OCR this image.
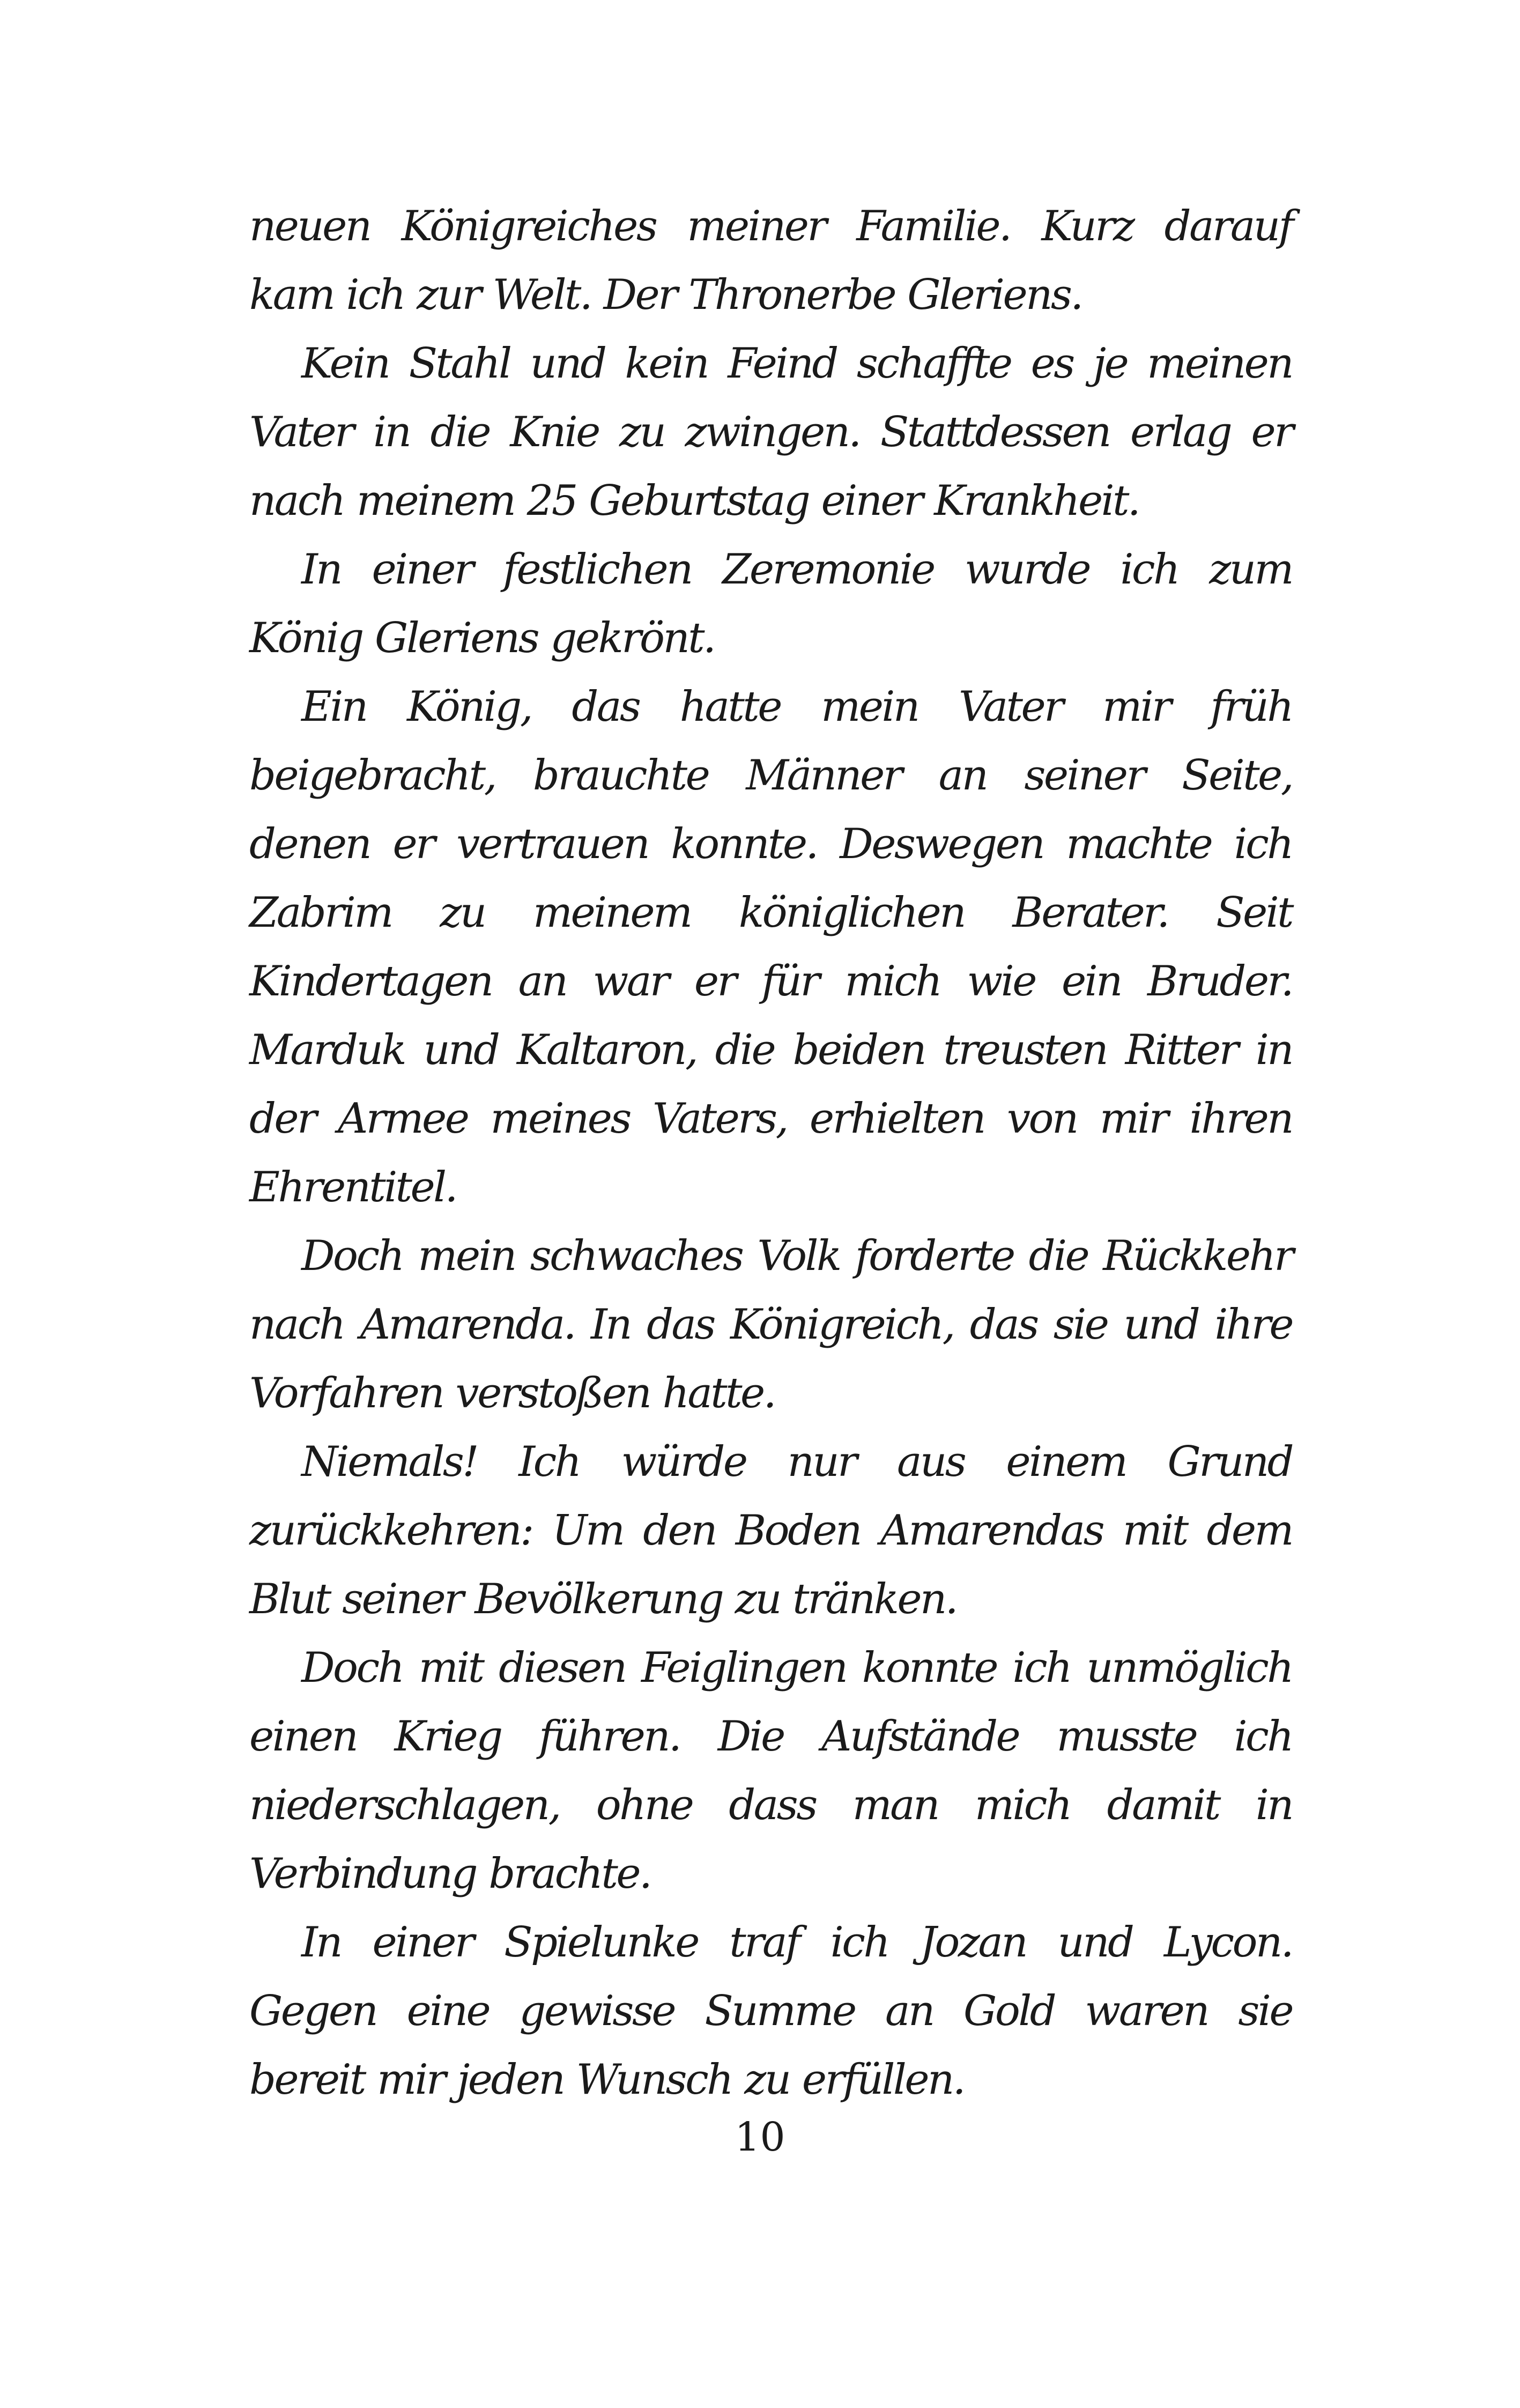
neuen Königreiches meiner Familie. Kurz darauf kam ich zur Welt. Der Thronerbe Gleriens.

Kein Stahl und kein Feind schaffte es je meinen Vater in die Knie zu zwingen. Stattdessen erlag er nach meinem 25 Geburtstag einer Krankheit.

In einer festlichen Zeremonie wurde ich zum König Gleriens gekrönt.

Ein König, das hatte mein Vater mir früh beigebracht, brauchte Männer an seiner Seite, denen er vertrauen konnte. Deswegen machte ich Zabrim zu meinem königlichen Berater. Seit Kindertagen an war er für mich wie ein Bruder. Marduk und Kaltaron, die beiden treusten Ritter in der Armee meines Vaters, erhielten von mir ihren Ehrentitel.

Doch mein schwaches Volk forderte die Rückkehr nach Amarenda. In das Königreich, das sie und ihre Vorfahren verstoßen hatte.

Niemals! Ich würde nur aus einem Grund zurückkehren: Um den Boden Amarendas mit dem Blut seiner Bevölkerung zu tränken.

Doch mit diesen Feiglingen konnte ich unmöglich einen Krieg führen. Die Aufstände musste ich niederschlagen, ohne dass man mich damit in Verbindung brachte.

In einer Spielunke traf ich Jozan und Lycon. Gegen eine gewisse Summe an Gold waren sie bereit mir jeden Wunsch zu erfüllen.

10
